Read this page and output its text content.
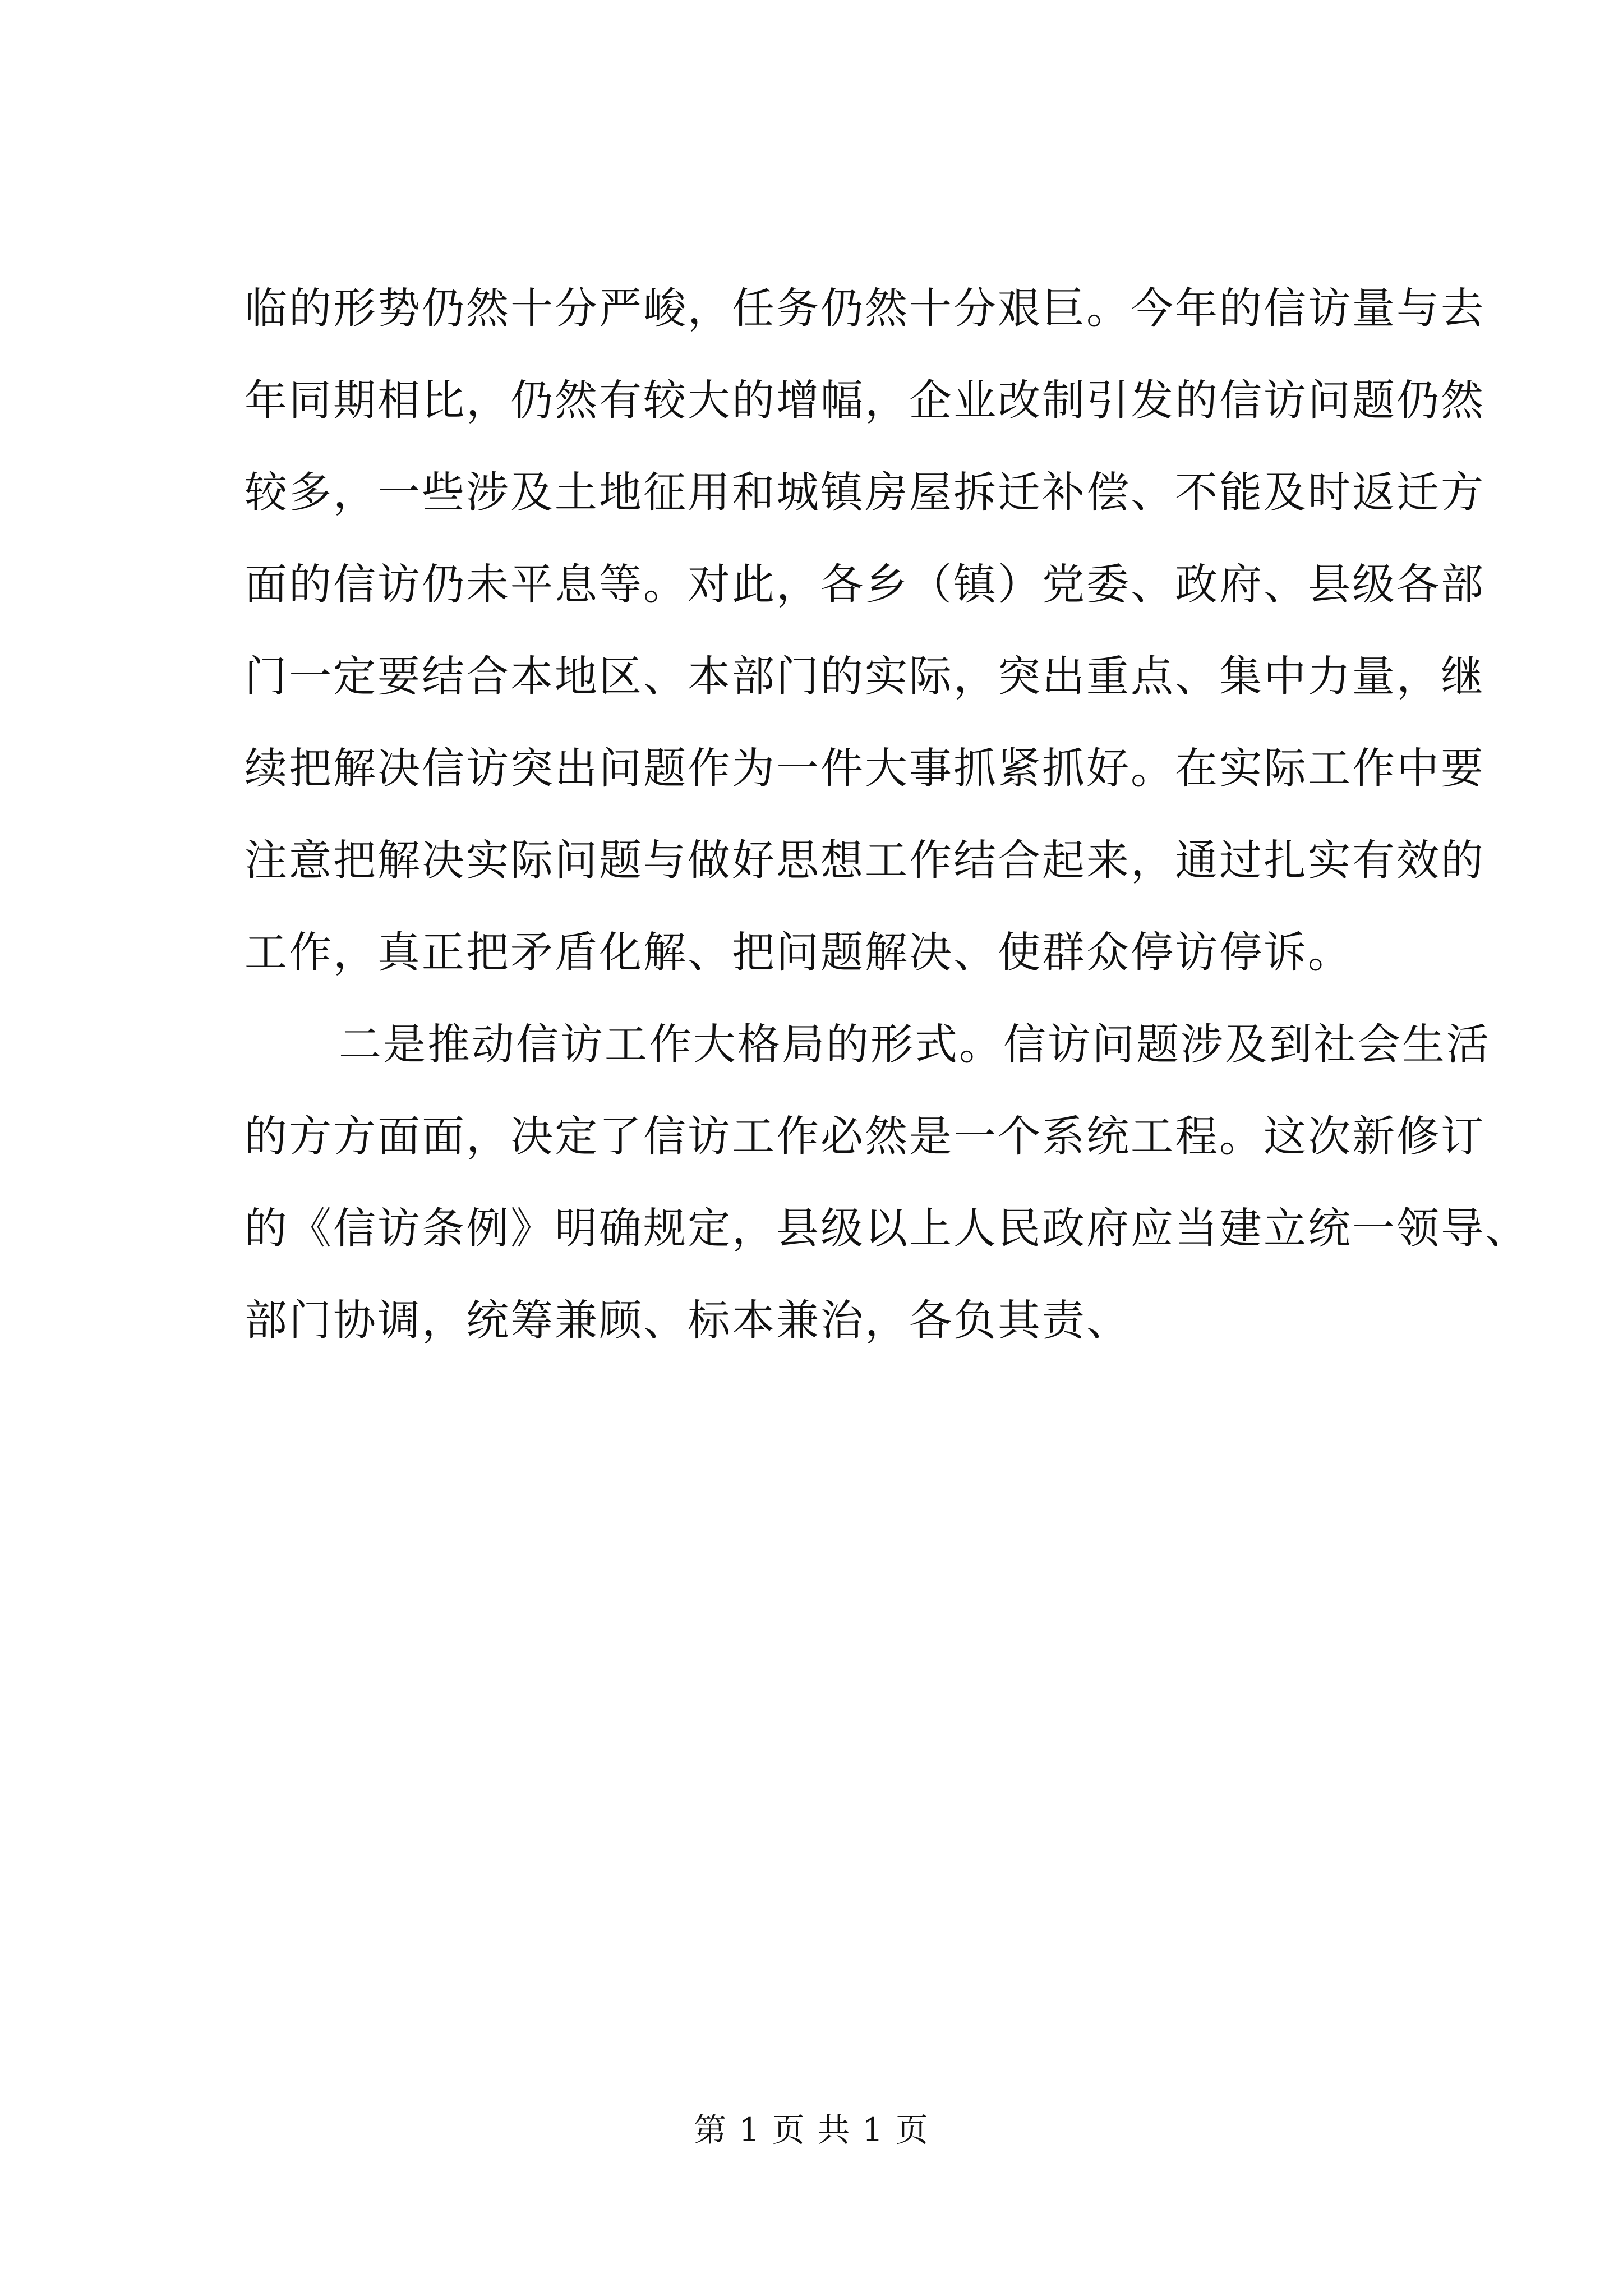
临的形势仍然十分严峻，任务仍然十分艰巨。今年的信访量与去
年同期相比，仍然有较大的增幅，企业改制引发的信访问题仍然
较多，一些涉及土地征用和城镇房屋拆迁补偿、不能及时返迁方
面的信访仍未平息等。对此，各乡（镇）党委、政府、县级各部
门一定要结合本地区、本部门的实际，突出重点、集中力量，继
续把解决信访突出问题作为一件大事抓紧抓好。在实际工作中要
注意把解决实际问题与做好思想工作结合起来，通过扎实有效的
工作，真正把矛盾化解、把问题解决、使群众停访停诉。
二是推动信访工作大格局的形式。信访问题涉及到社会生活
的方方面面，决定了信访工作必然是一个系统工程。这次新修订
的《信访条例》明确规定，县级以上人民政府应当建立统一领导、
部门协调，统筹兼顾、标本兼治，各负其责、
第 1 页 共 1 页
